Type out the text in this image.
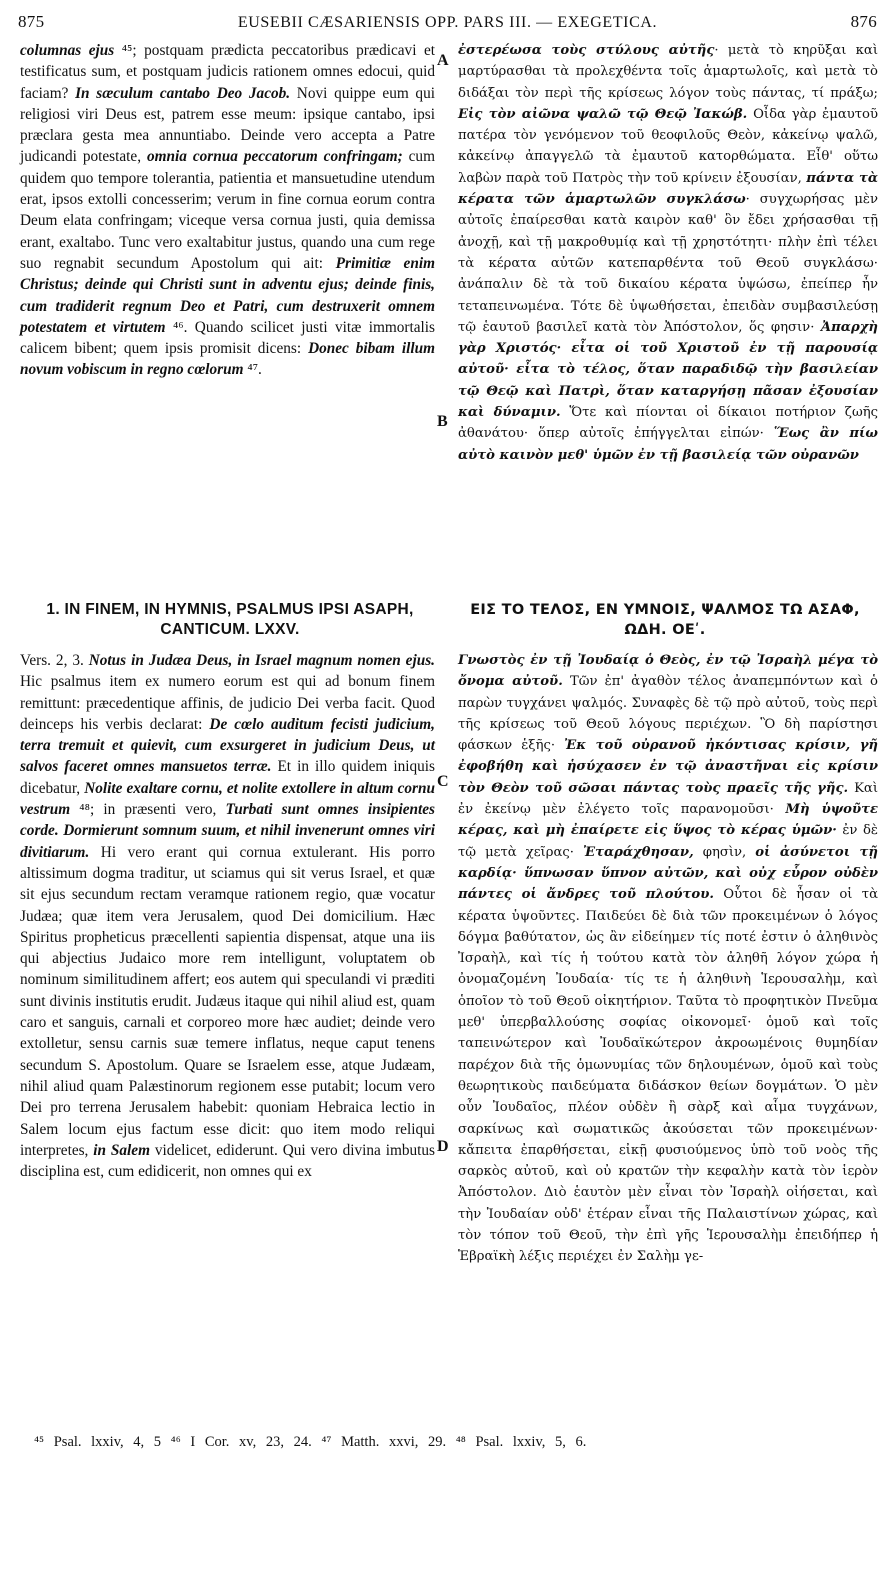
875	EUSEBII CÆSARIENSIS OPP. PARS III. — EXEGETICA.	876

columnas ejus ⁴⁵; postquam prædicta peccatoribus prædicavi et testificatus sum, et postquam judicis rationem omnes edocui, quid faciam? In sæculum cantabo Deo Jacob. Novi quippe eum qui religiosi viri Deus est, patrem esse meum: ipsique cantabo, ipsi præclara gesta mea annuntiabo. Deinde vero accepta a Patre judicandi potestate, omnia cornua peccatorum confringam; cum quidem quo tempore tolerantia, patientia et mansuetudine utendum erat, ipsos extolli concesserim; verum in fine cornua eorum contra Deum elata confringam; viceque versa cornua justi, quia demissa erant, exaltabo. Tunc vero exaltabitur justus, quando una cum rege suo regnabit secundum Apostolum qui ait: Primitiæ enim Christus; deinde qui Christi sunt in adventu ejus; deinde finis, cum tradiderit regnum Deo et Patri, cum destruxerit omnem potestatem et virtutem ⁴⁶. Quando scilicet justi vitæ immortalis calicem bibent; quem ipsis promisit dicens: Donec bibam illum novum vobiscum in regno cœlorum ⁴⁷.

ἐστερέωσα τοὺς στύλους αὐτῆς· μετὰ τὸ κηρῦξαι καὶ μαρτύρασθαι τὰ προλεχθέντα τοῖς ἁμαρτωλοῖς, καὶ μετὰ τὸ διδάξαι τὸν περὶ τῆς κρίσεως λόγον τοὺς πάντας, τί πράξω; Εἰς τὸν αἰῶνα ψαλῶ τῷ Θεῷ Ἰακώβ. Οἶδα γὰρ ἐμαυτοῦ πατέρα τὸν γενόμενον τοῦ θεοφιλοῦς Θεὸν, κἀκείνῳ ψαλῶ, κἀκείνῳ ἀπαγγελῶ τὰ ἐμαυτοῦ κατορθώματα. Εἶθ' οὕτω λαβὼν παρὰ τοῦ Πατρὸς τὴν τοῦ κρίνειν ἐξουσίαν, πάντα τὰ κέρατα τῶν ἁμαρτωλῶν συγκλάσω· συγχωρήσας μὲν αὐτοῖς ἐπαίρεσθαι κατὰ καιρὸν καθ' ὃν ἔδει χρήσασθαι τῇ ἀνοχῇ, καὶ τῇ μακροθυμίᾳ καὶ τῇ χρηστότητι· πλὴν ἐπὶ τέλει τὰ κέρατα αὐτῶν κατεπαρθέντα τοῦ Θεοῦ συγκλάσω· ἀνάπαλιν δὲ τὰ τοῦ δικαίου κέρατα ὑψώσω, ἐπείπερ ἦν τεταπεινωμένα. Τότε δὲ ὑψωθήσεται, ἐπειδὰν συμβασιλεύσῃ τῷ ἑαυτοῦ βασιλεῖ κατὰ τὸν Ἀπόστολον, ὅς φησιν· Ἀπαρχὴ γὰρ Χριστός· εἶτα οἱ τοῦ Χριστοῦ ἐν τῇ παρουσίᾳ αὐτοῦ· εἶτα τὸ τέλος, ὅταν παραδιδῷ τὴν βασιλείαν τῷ Θεῷ καὶ Πατρὶ, ὅταν καταργήσῃ πᾶσαν ἐξουσίαν καὶ δύναμιν. Ὅτε καὶ πίονται οἱ δίκαιοι ποτήριον ζωῆς ἀθανάτου· ὅπερ αὐτοῖς ἐπήγγελται εἰπών· Ἕως ἂν πίω αὐτὸ καινὸν μεθ' ὑμῶν ἐν τῇ βασιλείᾳ τῶν οὐρανῶν

A
B
C
D
1. IN FINEM, IN HYMNIS, PSALMUS IPSI ASAPH, CANTICUM. LXXV.
ΕΙΣ ΤΟ ΤΕΛΟΣ, ΕΝ ΥΜΝΟΙΣ, ΨΑΛΜΟΣ ΤΩ ΑΣΑΦ, ΩΔΗ. ΟΕʹ.

Vers. 2, 3. Notus in Judæa Deus, in Israel magnum nomen ejus. Hic psalmus item ex numero eorum est qui ad bonum finem remittunt: præcedentique affinis, de judicio Dei verba facit. Quod deinceps his verbis declarat: De cœlo auditum fecisti judicium, terra tremuit et quievit, cum exsurgeret in judicium Deus, ut salvos faceret omnes mansuetos terræ. Et in illo quidem iniquis dicebatur, Nolite exaltare cornu, et nolite extollere in altum cornu vestrum ⁴⁸; in præsenti vero, Turbati sunt omnes insipientes corde. Dormierunt somnum suum, et nihil invenerunt omnes viri divitiarum. Hi vero erant qui cornua extulerant. His porro altissimum dogma traditur, ut sciamus qui sit verus Israel, et quæ sit ejus secundum rectam veramque rationem regio, quæ vocatur Judæa; quæ item vera Jerusalem, quod Dei domicilium. Hæc Spiritus propheticus præcellenti sapientia dispensat, atque una iis qui abjectius Judaico more rem intelligunt, voluptatem ob nominum similitudinem affert; eos autem qui speculandi vi præditi sunt divinis institutis erudit. Judæus itaque qui nihil aliud est, quam caro et sanguis, carnali et corporeo more hæc audiet; deinde vero extolletur, sensu carnis suæ temere inflatus, neque caput tenens secundum S. Apostolum. Quare se Israelem esse, atque Judæam, nihil aliud quam Palæstinorum regionem esse putabit; locum vero Dei pro terrena Jerusalem habebit: quoniam Hebraica lectio in Salem locum ejus factum esse dicit: quo item modo reliqui interpretes, in Salem videlicet, ediderunt. Qui vero divina imbutus disciplina est, cum edidicerit, non omnes qui ex

Γνωστὸς ἐν τῇ Ἰουδαίᾳ ὁ Θεὸς, ἐν τῷ Ἰσραὴλ μέγα τὸ ὄνομα αὐτοῦ. Τῶν ἐπ' ἀγαθὸν τέλος ἀναπεμπόντων καὶ ὁ παρὼν τυγχάνει ψαλμός. Συναφὲς δὲ τῷ πρὸ αὐτοῦ, τοὺς περὶ τῆς κρίσεως τοῦ Θεοῦ λόγους περιέχων. Ὃ δὴ παρίστησι φάσκων ἑξῆς· Ἐκ τοῦ οὐρανοῦ ἠκόντισας κρίσιν, γῆ ἐφοβήθη καὶ ἡσύχασεν ἐν τῷ ἀναστῆναι εἰς κρίσιν τὸν Θεὸν τοῦ σῶσαι πάντας τοὺς πραεῖς τῆς γῆς. Καὶ ἐν ἐκείνῳ μὲν ἐλέγετο τοῖς παρανομοῦσι· Μὴ ὑψοῦτε κέρας, καὶ μὴ ἐπαίρετε εἰς ὕψος τὸ κέρας ὑμῶν· ἐν δὲ τῷ μετὰ χεῖρας· Ἐταράχθησαν, φησὶν, οἱ ἀσύνετοι τῇ καρδίᾳ· ὕπνωσαν ὕπνον αὐτῶν, καὶ οὐχ εὗρον οὐδὲν πάντες οἱ ἄνδρες τοῦ πλούτου. Οὗτοι δὲ ἦσαν οἱ τὰ κέρατα ὑψοῦντες. Παιδεύει δὲ διὰ τῶν προκειμένων ὁ λόγος δόγμα βαθύτατον, ὡς ἂν εἰδείημεν τίς ποτέ ἐστιν ὁ ἀληθινὸς Ἰσραὴλ, καὶ τίς ἡ τούτου κατὰ τὸν ἀληθῆ λόγον χώρα ἡ ὀνομαζομένη Ἰουδαία· τίς τε ἡ ἀληθινὴ Ἱερουσαλὴμ, καὶ ὁποῖον τὸ τοῦ Θεοῦ οἰκητήριον. Ταῦτα τὸ προφητικὸν Πνεῦμα μεθ' ὑπερβαλλούσης σοφίας οἰκονομεῖ· ὁμοῦ καὶ τοῖς ταπεινώτερον καὶ Ἰουδαϊκώτερον ἀκροωμένοις θυμηδίαν παρέχον διὰ τῆς ὁμωνυμίας τῶν δηλουμένων, ὁμοῦ καὶ τοὺς θεωρητικοὺς παιδεύματα διδάσκον θείων δογμάτων. Ὁ μὲν οὖν Ἰουδαῖος, πλέον οὐδὲν ἢ σὰρξ καὶ αἷμα τυγχάνων, σαρκίνως καὶ σωματικῶς ἀκούσεται τῶν προκειμένων· κἄπειτα ἐπαρθήσεται, εἰκῇ φυσιούμενος ὑπὸ τοῦ νοὸς τῆς σαρκὸς αὐτοῦ, καὶ οὐ κρατῶν τὴν κεφαλὴν κατὰ τὸν ἱερὸν Ἀπόστολον. Διὸ ἑαυτὸν μὲν εἶναι τὸν Ἰσραὴλ οἰήσεται, καὶ τὴν Ἰουδαίαν οὐδ' ἑτέραν εἶναι τῆς Παλαιστίνων χώρας, καὶ τὸν τόπον τοῦ Θεοῦ, τὴν ἐπὶ γῆς Ἱερουσαλὴμ ἐπειδήπερ ἡ Ἑβραϊκὴ λέξις περιέχει ἐν Σαλὴμ γε-

⁴⁵ Psal. lxxiv, 4, 5 ⁴⁶ I Cor. xv, 23, 24. ⁴⁷ Matth. xxvi, 29. ⁴⁸ Psal. lxxiv, 5, 6.
